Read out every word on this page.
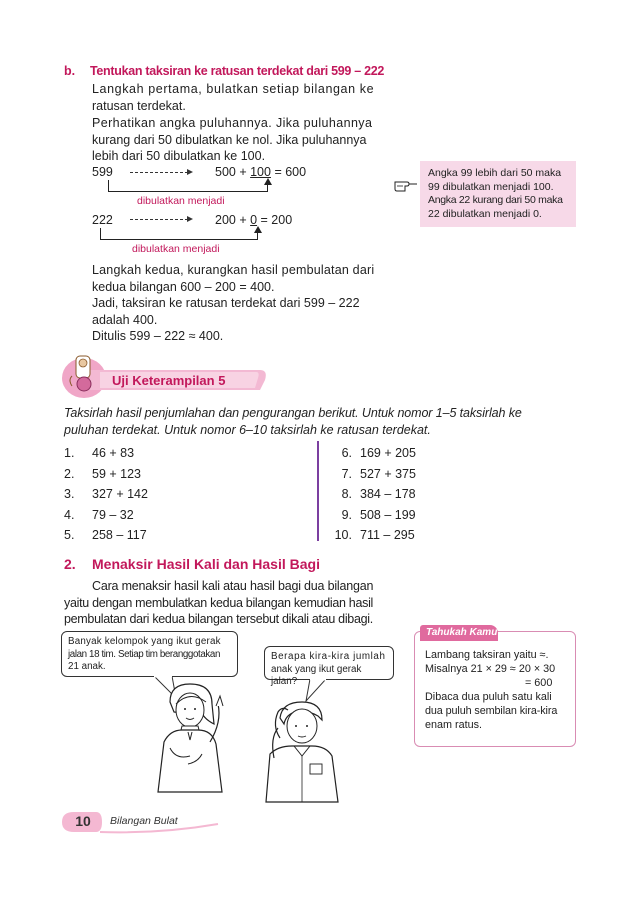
b. Tentukan taksiran ke ratusan terdekat dari 599 – 222
Langkah pertama, bulatkan setiap bilangan ke
ratusan terdekat.
Perhatikan angka puluhannya. Jika puluhannya
kurang dari 50 dibulatkan ke nol. Jika puluhannya
lebih dari 50 dibulatkan ke 100.
599	500 + 100 = 600
dibulatkan menjadi
222	200 + 0 = 200
dibulatkan menjadi
Langkah kedua, kurangkan hasil pembulatan dari
kedua bilangan 600 – 200 = 400.
Jadi, taksiran ke ratusan terdekat dari 599 – 222
adalah 400.
Ditulis 599 – 222 ≈ 400.
Angka 99 lebih dari 50 maka
99 dibulatkan menjadi 100.
Angka 22 kurang dari 50 maka
22 dibulatkan menjadi 0.
Uji Keterampilan 5
Taksirlah hasil penjumlahan dan pengurangan berikut. Untuk nomor 1–5 taksirlah ke
puluhan terdekat. Untuk nomor 6–10 taksirlah ke ratusan terdekat.
1. 46 + 83
2. 59 + 123
3. 327 + 142
4. 79 – 32
5. 258 – 117
6. 169 + 205
7. 527 + 375
8. 384 – 178
9. 508 – 199
10. 711 – 295
2. Menaksir Hasil Kali dan Hasil Bagi
Cara menaksir hasil kali atau hasil bagi dua bilangan
yaitu dengan membulatkan kedua bilangan kemudian hasil
pembulatan dari kedua bilangan tersebut dikali atau dibagi.
Banyak kelompok yang ikut gerak
jalan 18 tim. Setiap tim beranggotakan
21 anak.
Berapa kira-kira jumlah
anak yang ikut gerak jalan?
Tahukah Kamu
Lambang taksiran yaitu ≈.
Misalnya 21 × 29 ≈ 20 × 30
= 600
Dibaca dua puluh satu kali
dua puluh sembilan kira-kira
enam ratus.
10	Bilangan Bulat
